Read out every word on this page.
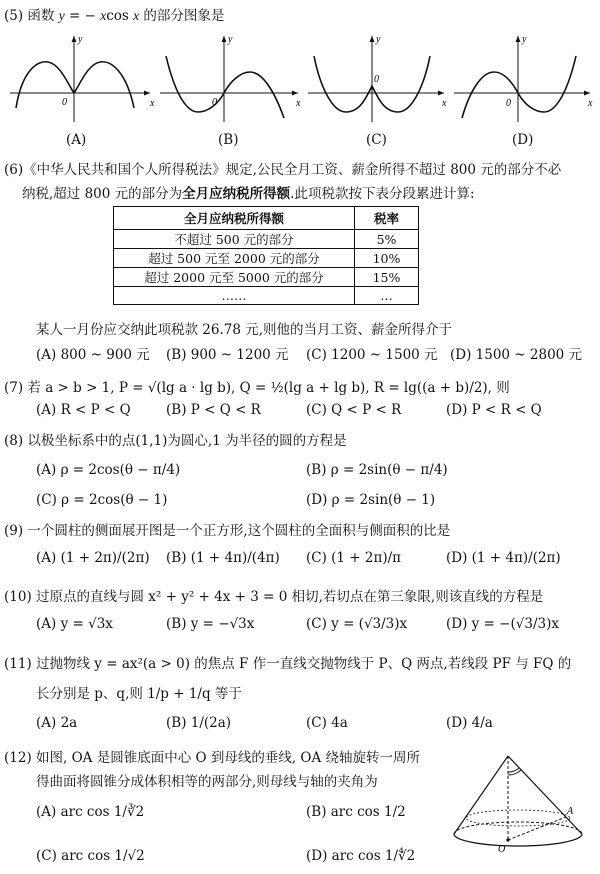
(5) 函数 y = − xcos x 的部分图象是
y
x
0
y
x
0
y
x
0
y
x
0
(A)	(B)	(C)	(D)
(6)《中华人民共和国个人所得税法》规定,公民全月工资、薪金所得不超过 800 元的部分不必
纳税,超过 800 元的部分为全月应纳税所得额.此项税款按下表分段累进计算:
全月应纳税所得额	税率
不超过 500 元的部分	5%
超过 500 元至 2000 元的部分	10%
超过 2000 元至 5000 元的部分	15%
……	…
某人一月份应交纳此项税款 26.78 元,则他的当月工资、薪金所得介于
(A) 800 ~ 900 元 (B) 900 ~ 1200 元 (C) 1200 ~ 1500 元 (D) 1500 ~ 2800 元
(7) 若 a > b > 1, P = √(lg a · lg b), Q = ½(lg a + lg b), R = lg((a + b)/2), 则
(A) R < P < Q	(B) P < Q < R	(C) Q < P < R	(D) P < R < Q
(8) 以极坐标系中的点(1,1)为圆心,1 为半径的圆的方程是
(A) ρ = 2cos(θ − π/4)	(B) ρ = 2sin(θ − π/4)
(C) ρ = 2cos(θ − 1)	(D) ρ = 2sin(θ − 1)
(9) 一个圆柱的侧面展开图是一个正方形,这个圆柱的全面积与侧面积的比是
(A) (1 + 2π)/(2π) (B) (1 + 4π)/(4π) (C) (1 + 2π)/π	(D) (1 + 4π)/(2π)
(10) 过原点的直线与圆 x² + y² + 4x + 3 = 0 相切,若切点在第三象限,则该直线的方程是
(A) y = √3x	(B) y = −√3x	(C) y = (√3/3)x	(D) y = −(√3/3)x
(11) 过抛物线 y = ax²(a > 0) 的焦点 F 作一直线交抛物线于 P、Q 两点,若线段 PF 与 FQ 的
长分别是 p、q,则 1/p + 1/q 等于
(A) 2a	(B) 1/(2a)	(C) 4a	(D) 4/a
(12) 如图, OA 是圆锥底面中心 O 到母线的垂线, OA 绕轴旋转一周所
得曲面将圆锥分成体积相等的两部分,则母线与轴的夹角为
(A) arc cos 1/∛2	(B) arc cos 1/2
(C) arc cos 1/√2	(D) arc cos 1/∜2
A
O
